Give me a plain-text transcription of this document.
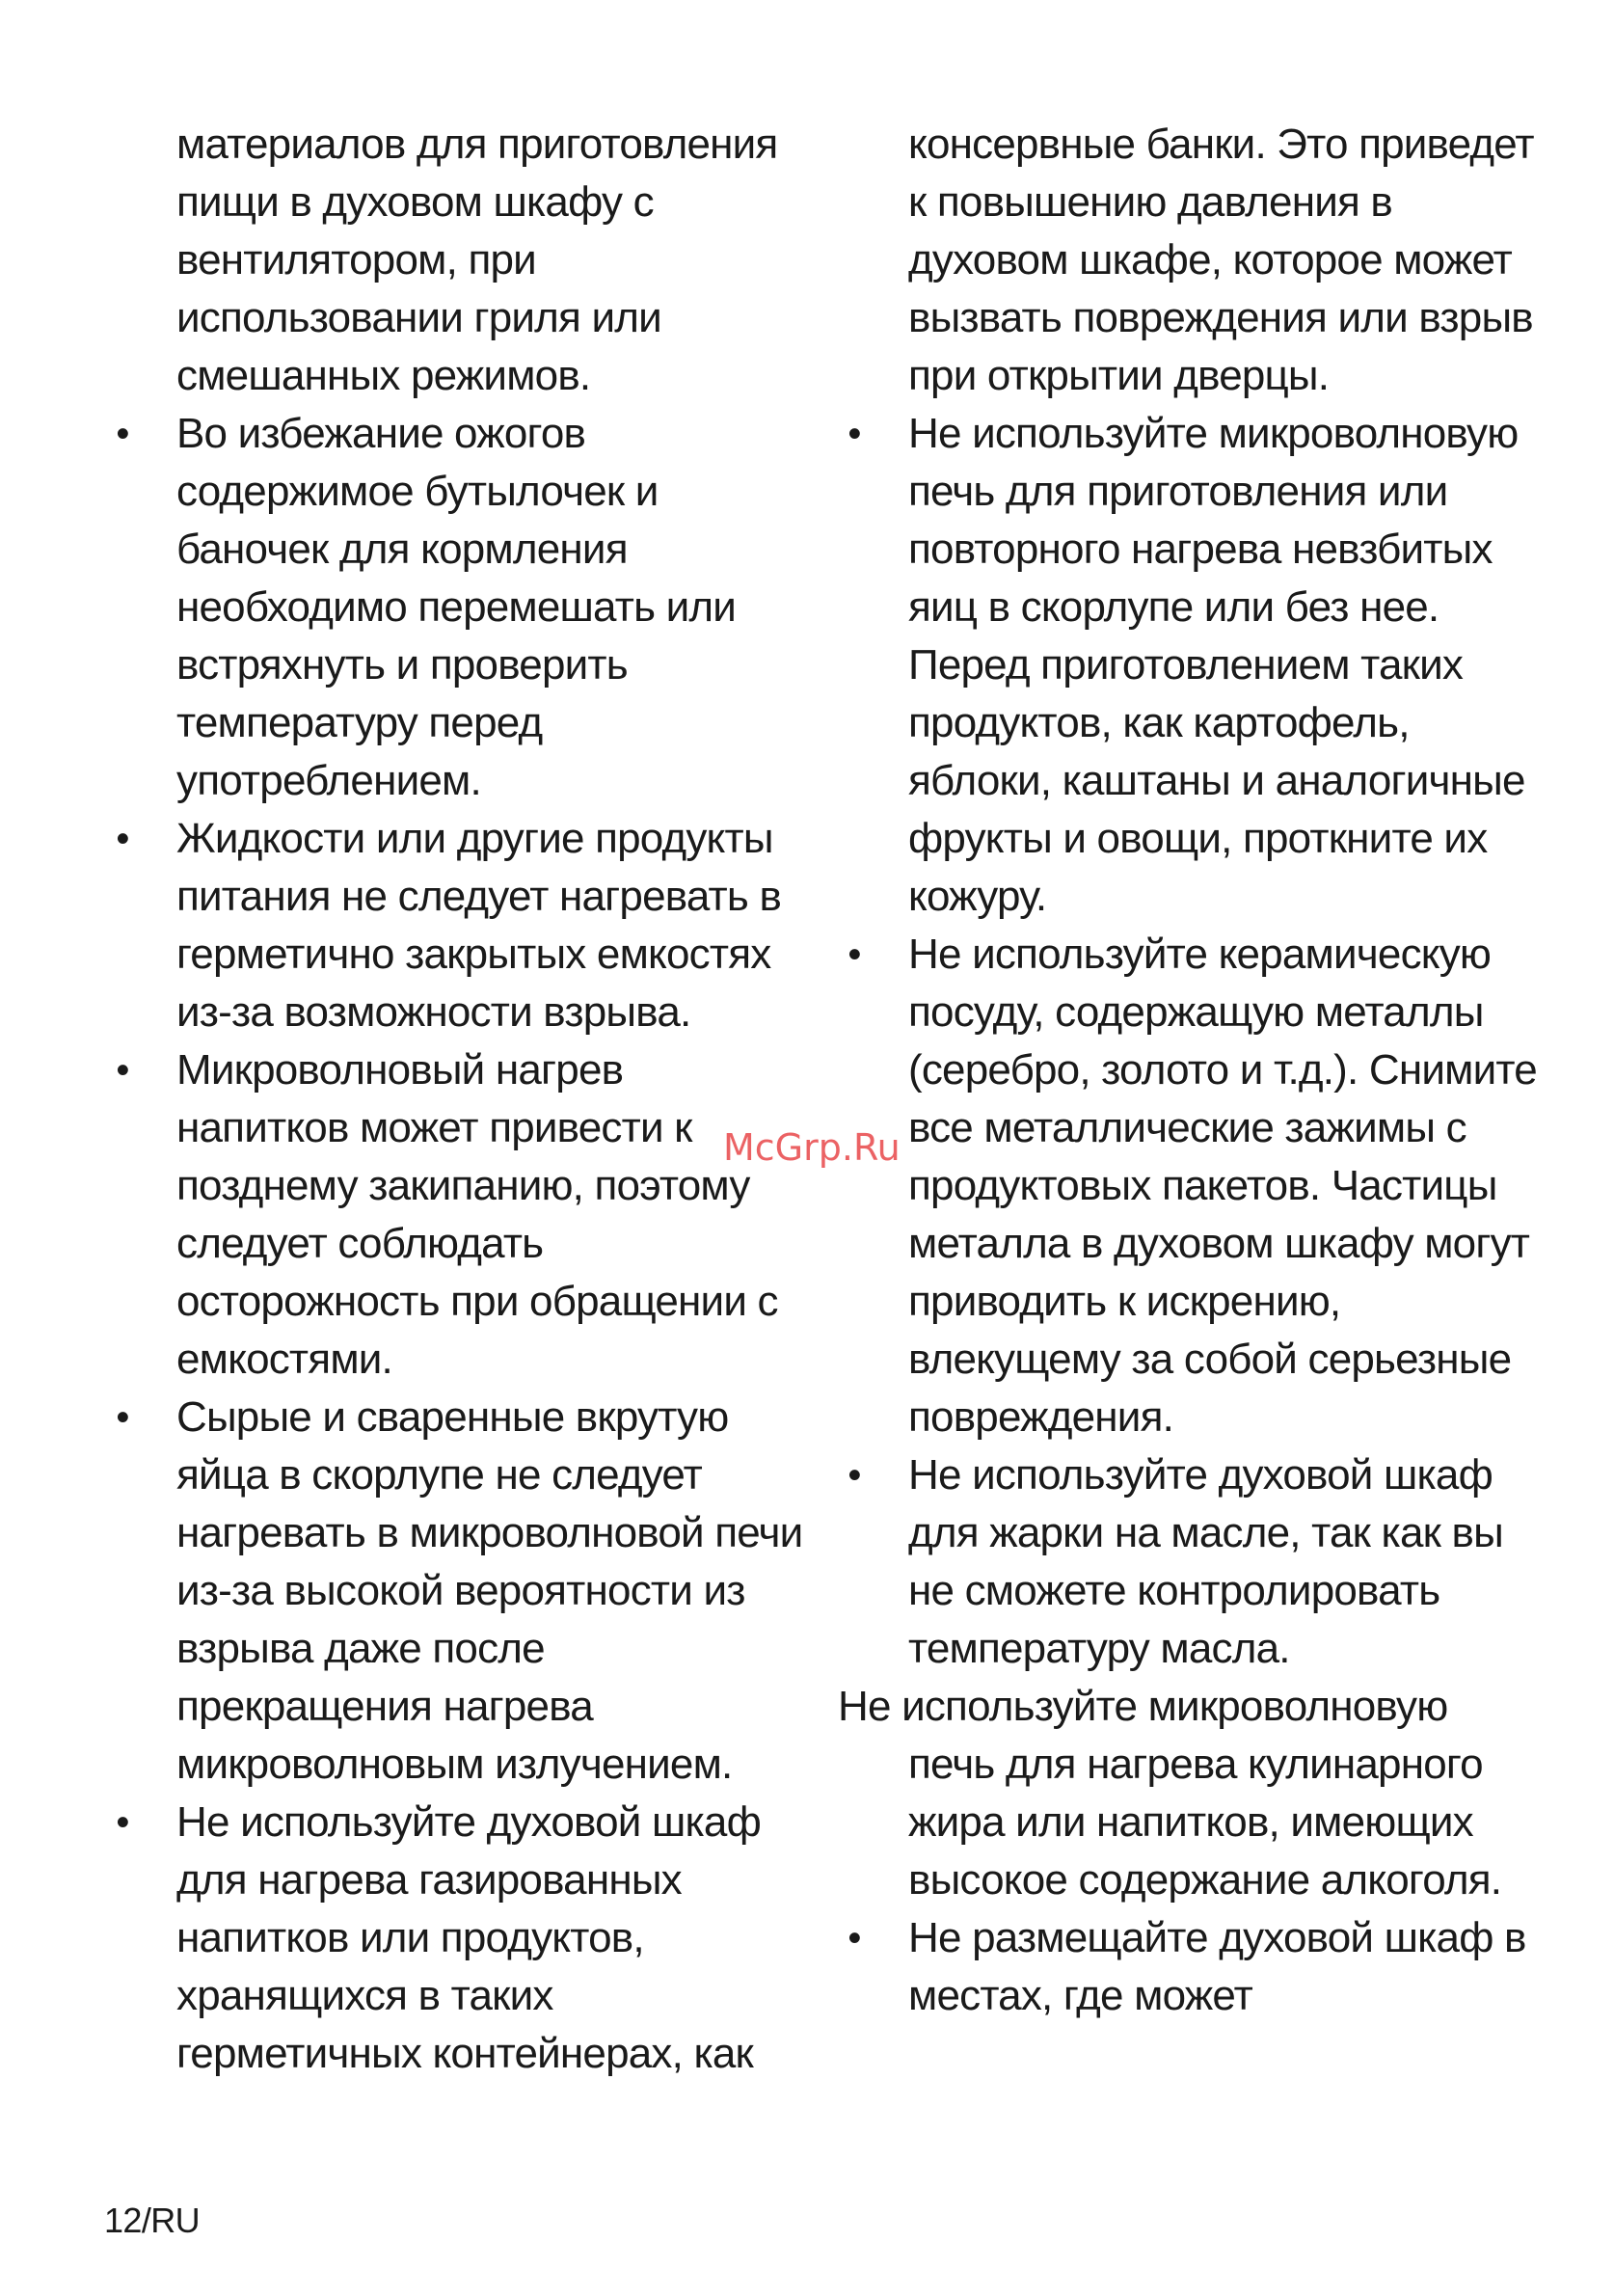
материалов для приготовления пищи в духовом шкафу с вентилятором, при использовании гриля или смешанных режимов.

•	Во избежание ожогов содержимое бутылочек и баночек для кормления необходимо перемешать или встряхнуть и проверить температуру перед употреблением.
•	Жидкости или другие продукты питания не следует нагревать в герметично закрытых емкостях из-за возможности взрыва.
•	Микроволновый нагрев напитков может привести к позднему закипанию, поэтому следует соблюдать осторожность при обращении с емкостями.
•	Сырые и сваренные вкрутую яйца в скорлупе не следует нагревать в микроволновой печи из-за высокой вероятности из взрыва даже после прекращения нагрева микроволновым излучением.
•	Не используйте духовой шкаф для нагрева газированных напитков или продуктов, хранящихся в таких герметичных контейнерах, как

консервные банки. Это приведет к повышению давления в духовом шкафе, которое может вызвать повреждения или взрыв при открытии дверцы.

•	Не используйте микроволновую печь для приготовления или повторного нагрева невзбитых яиц в скорлупе или без нее. Перед приготовлением таких продуктов, как картофель, яблоки, каштаны и аналогичные фрукты и овощи, проткните их кожуру.
•	Не используйте керамическую посуду, содержащую металлы (серебро, золото и т.д.). Снимите все металлические зажимы с продуктовых пакетов. Частицы металла в духовом шкафу могут приводить к искрению, влекущему за собой серьезные повреждения.
•	Не используйте духовой шкаф для жарки на масле, так как вы не сможете контролировать температуру масла.

Не используйте микроволновую печь для нагрева кулинарного жира или напитков, имеющих высокое содержание алкоголя.

•	Не размещайте духовой шкаф в местах, где может
McGrp.Ru
12/RU
